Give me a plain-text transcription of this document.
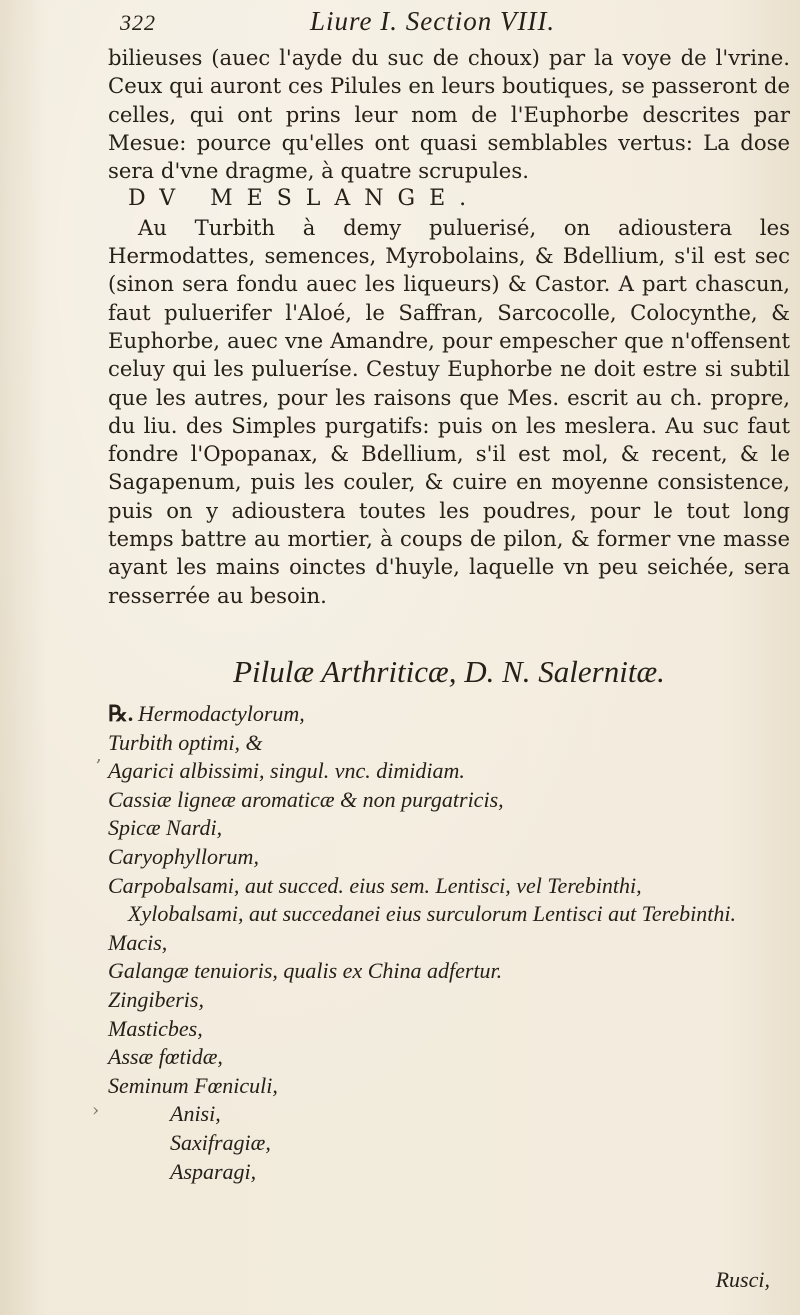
322	Liure I. Section VIII.

bilieuses (auec l'ayde du suc de choux) par la voye de l'vrine. Ceux qui auront ces Pilules en leurs boutiques, se passeront de celles, qui ont prins leur nom de l'Euphorbe descrites par Mesue: pource qu'elles ont quasi semblables vertus: La dose sera d'vne dragme, à quatre scrupules.

DV MESLANGE.

Au Turbith à demy puluerisé, on adioustera les Hermodattes, semences, Myrobolains, & Bdellium, s'il est sec (sinon sera fondu auec les liqueurs) & Castor. A part chascun, faut puluerifer l'Aloé, le Saffran, Sarcocolle, Colocynthe, & Euphorbe, auec vne Amandre, pour empescher que n'offensent celuy qui les pulueríse. Cestuy Euphorbe ne doit estre si subtil que les autres, pour les raisons que Mes. escrit au ch. propre, du liu. des Simples purgatifs: puis on les meslera. Au suc faut fondre l'Opopanax, & Bdellium, s'il est mol, & recent, & le Sagapenum, puis les couler, & cuire en moyenne consistence, puis on y adioustera toutes les poudres, pour le tout long temps battre au mortier, à coups de pilon, & former vne masse ayant les mains oinctes d'huyle, laquelle vn peu seichée, sera resserrée au besoin.

Pilulæ Arthriticæ, D. N. Salernitæ.
℞. Hermodactylorum,
Turbith optimi, &
Agarici albissimi, singul. vnc. dimidiam.
Cassiæ ligneæ aromaticæ & non purgatricis,
Spicæ Nardi,
Caryophyllorum,
Carpobalsami, aut succed. eius sem. Lentisci, vel Terebinthi,
Xylobalsami, aut succedanei eius surculorum Lentisci aut Terebinthi.
Macis,
Galangæ tenuioris, qualis ex China adfertur.
Zingiberis,
Masticbes,
Assæ fœtidæ,
Seminum Fœniculi,
Anisi,
Saxifragiæ,
Asparagi,
Rusci,
,
›
